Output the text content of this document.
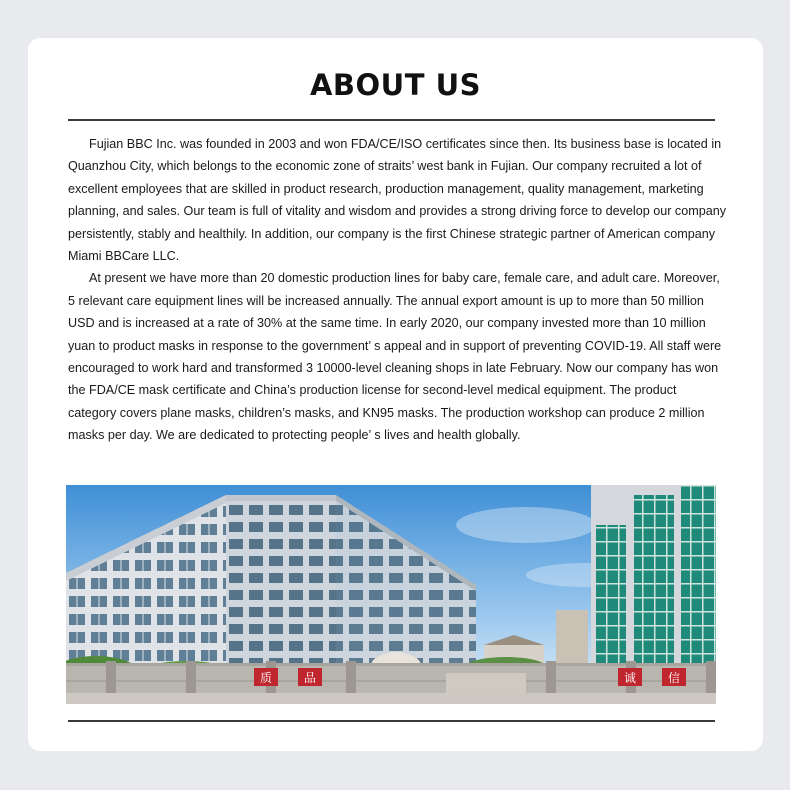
ABOUT US

Fujian BBC Inc. was founded in 2003 and won FDA/CE/ISO certificates since then. Its business base is located in Quanzhou City, which belongs to the economic zone of straits’ west bank in Fujian. Our company recruited a lot of excellent employees that are skilled in product research, production management, quality management, marketing planning, and sales. Our team is full of vitality and wisdom and provides a strong driving force to develop our company persistently, stably and healthily. In addition, our company is the first Chinese strategic partner of American company Miami BBCare LLC.

At present we have more than 20 domestic production lines for baby care, female care, and adult care. Moreover, 5 relevant care equipment lines will be increased annually. The annual export amount is up to more than 50 million USD and is increased at a rate of 30% at the same time. In early 2020, our company invested more than 10 million yuan to product masks in response to the government’ s appeal and in support of preventing COVID-19. All staff were encouraged to work hard and transformed 3 10000-level cleaning shops in late February. Now our company has won the FDA/CE mask certificate and China’s production license for second-level medical equipment. The product category covers plane masks, children’s masks, and KN95 masks. The production workshop can produce 2 million masks per day. We are dedicated to protecting people’ s lives and health globally.

质	品	诚	信
